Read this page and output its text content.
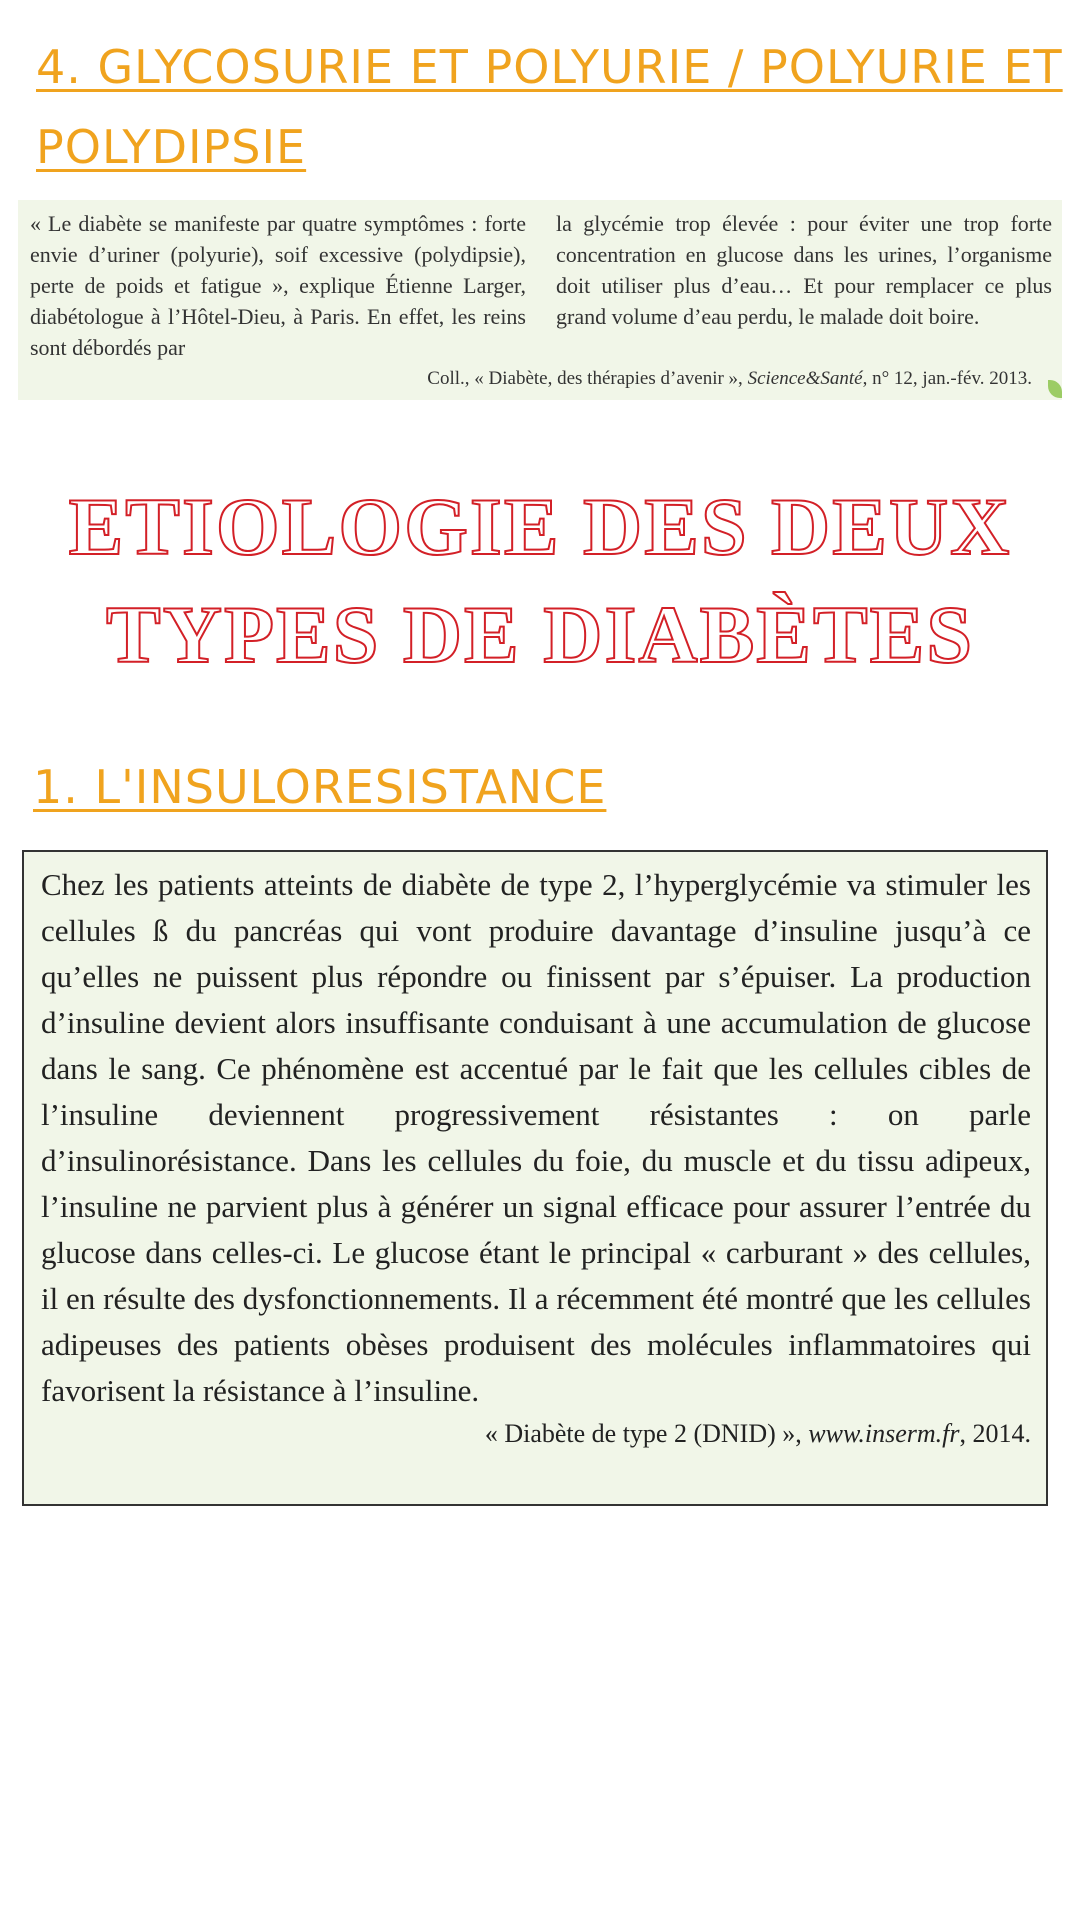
4. GLYCOSURIE ET POLYURIE / POLYURIE ET
POLYDIPSIE
« Le diabète se manifeste par quatre symptômes : forte envie d’uriner (polyurie), soif excessive (polydipsie), perte de poids et fatigue », explique Étienne Larger, diabétologue à l’Hôtel-Dieu, à Paris. En effet, les reins sont débordés par
la glycémie trop élevée : pour éviter une trop forte concentration en glucose dans les urines, l’organisme doit utiliser plus d’eau… Et pour remplacer ce plus grand volume d’eau perdu, le malade doit boire.
Coll., « Diabète, des thérapies d’avenir », Science&Santé, n° 12, jan.-fév. 2013.
ETIOLOGIE DES DEUX
TYPES DE DIABÈTES
1. L'INSULORESISTANCE

Chez les patients atteints de diabète de type 2, l’hyperglycémie va stimuler les cellules ß du pancréas qui vont produire davantage d’insuline jusqu’à ce qu’elles ne puissent plus répondre ou finissent par s’épuiser. La production d’insuline devient alors insuffisante conduisant à une accumulation de glucose dans le sang. Ce phénomène est accentué par le fait que les cellules cibles de l’insuline deviennent progressivement résistantes : on parle d’insulinorésistance. Dans les cellules du foie, du muscle et du tissu adipeux, l’insuline ne parvient plus à générer un signal efficace pour assurer l’entrée du glucose dans celles-ci. Le glucose étant le principal « carburant » des cellules, il en résulte des dysfonctionnements. Il a récemment été montré que les cellules adipeuses des patients obèses produisent des molécules inflammatoires qui favorisent la résistance à l’insuline.

« Diabète de type 2 (DNID) », www.inserm.fr, 2014.
